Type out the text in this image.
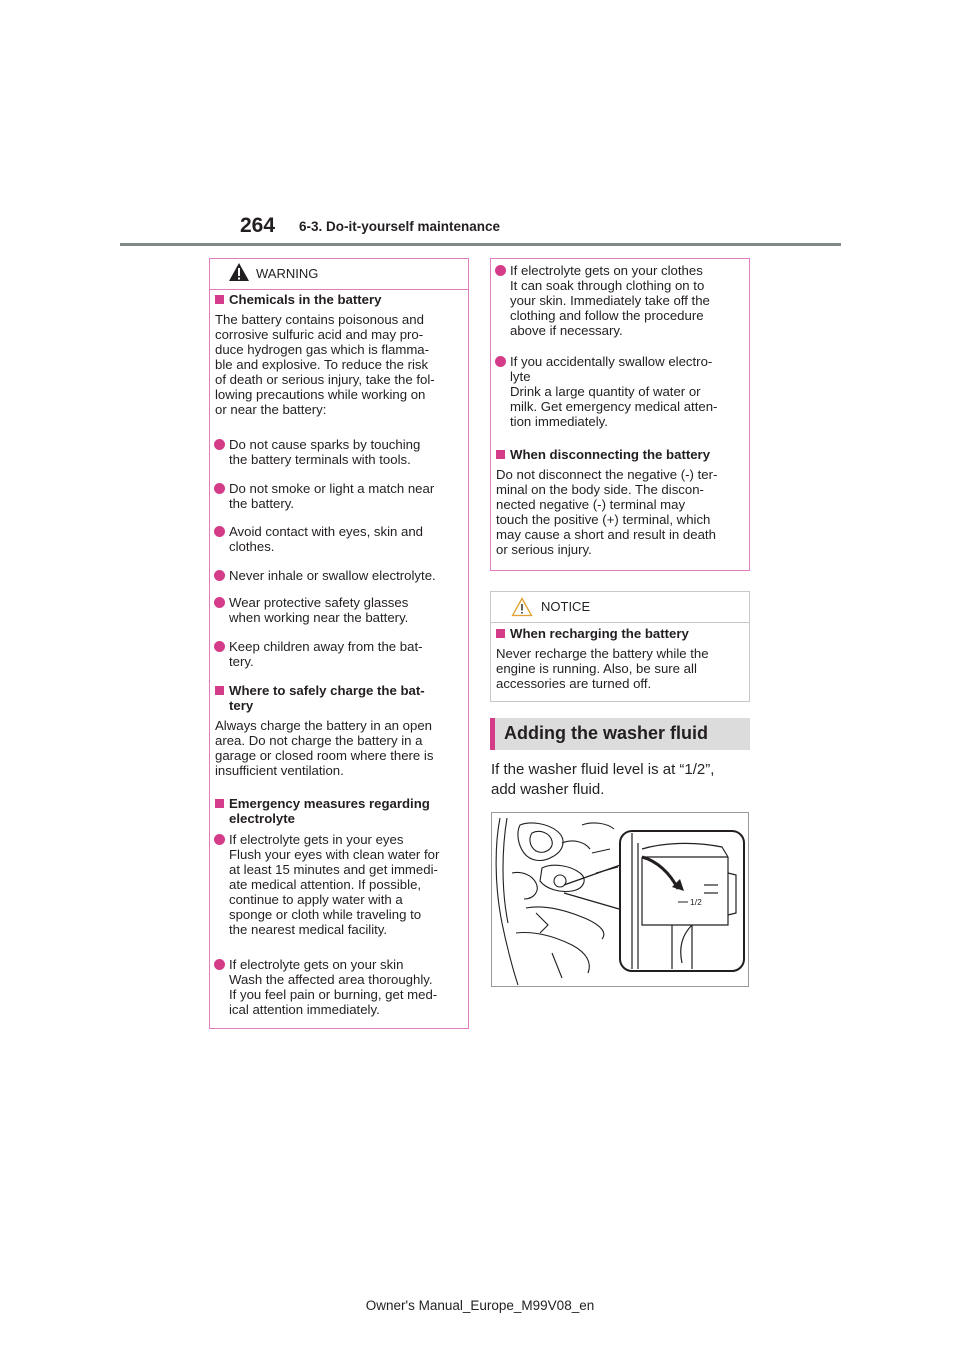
264 6-3. Do-it-yourself maintenance
WARNING
Chemicals in the battery
The battery contains poisonous and
corrosive sulfuric acid and may pro-
duce hydrogen gas which is flamma-
ble and explosive. To reduce the risk
of death or serious injury, take the fol-
lowing precautions while working on
or near the battery:
Do not cause sparks by touching
the battery terminals with tools.
Do not smoke or light a match near
the battery.
Avoid contact with eyes, skin and
clothes.
Never inhale or swallow electrolyte.
Wear protective safety glasses
when working near the battery.
Keep children away from the bat-
tery.
Where to safely charge the bat-
tery
Always charge the battery in an open
area. Do not charge the battery in a
garage or closed room where there is
insufficient ventilation.
Emergency measures regarding
electrolyte
If electrolyte gets in your eyes
Flush your eyes with clean water for
at least 15 minutes and get immedi-
ate medical attention. If possible,
continue to apply water with a
sponge or cloth while traveling to
the nearest medical facility.
If electrolyte gets on your skin
Wash the affected area thoroughly.
If you feel pain or burning, get med-
ical attention immediately.
If electrolyte gets on your clothes
It can soak through clothing on to
your skin. Immediately take off the
clothing and follow the procedure
above if necessary.
If you accidentally swallow electro-
lyte
Drink a large quantity of water or
milk. Get emergency medical atten-
tion immediately.
When disconnecting the battery
Do not disconnect the negative (-) ter-
minal on the body side. The discon-
nected negative (-) terminal may
touch the positive (+) terminal, which
may cause a short and result in death
or serious injury.
NOTICE
When recharging the battery
Never recharge the battery while the
engine is running. Also, be sure all
accessories are turned off.
Adding the washer fluid
If the washer fluid level is at “1/2”,
add washer fluid.
1/2
Owner's Manual_Europe_M99V08_en
